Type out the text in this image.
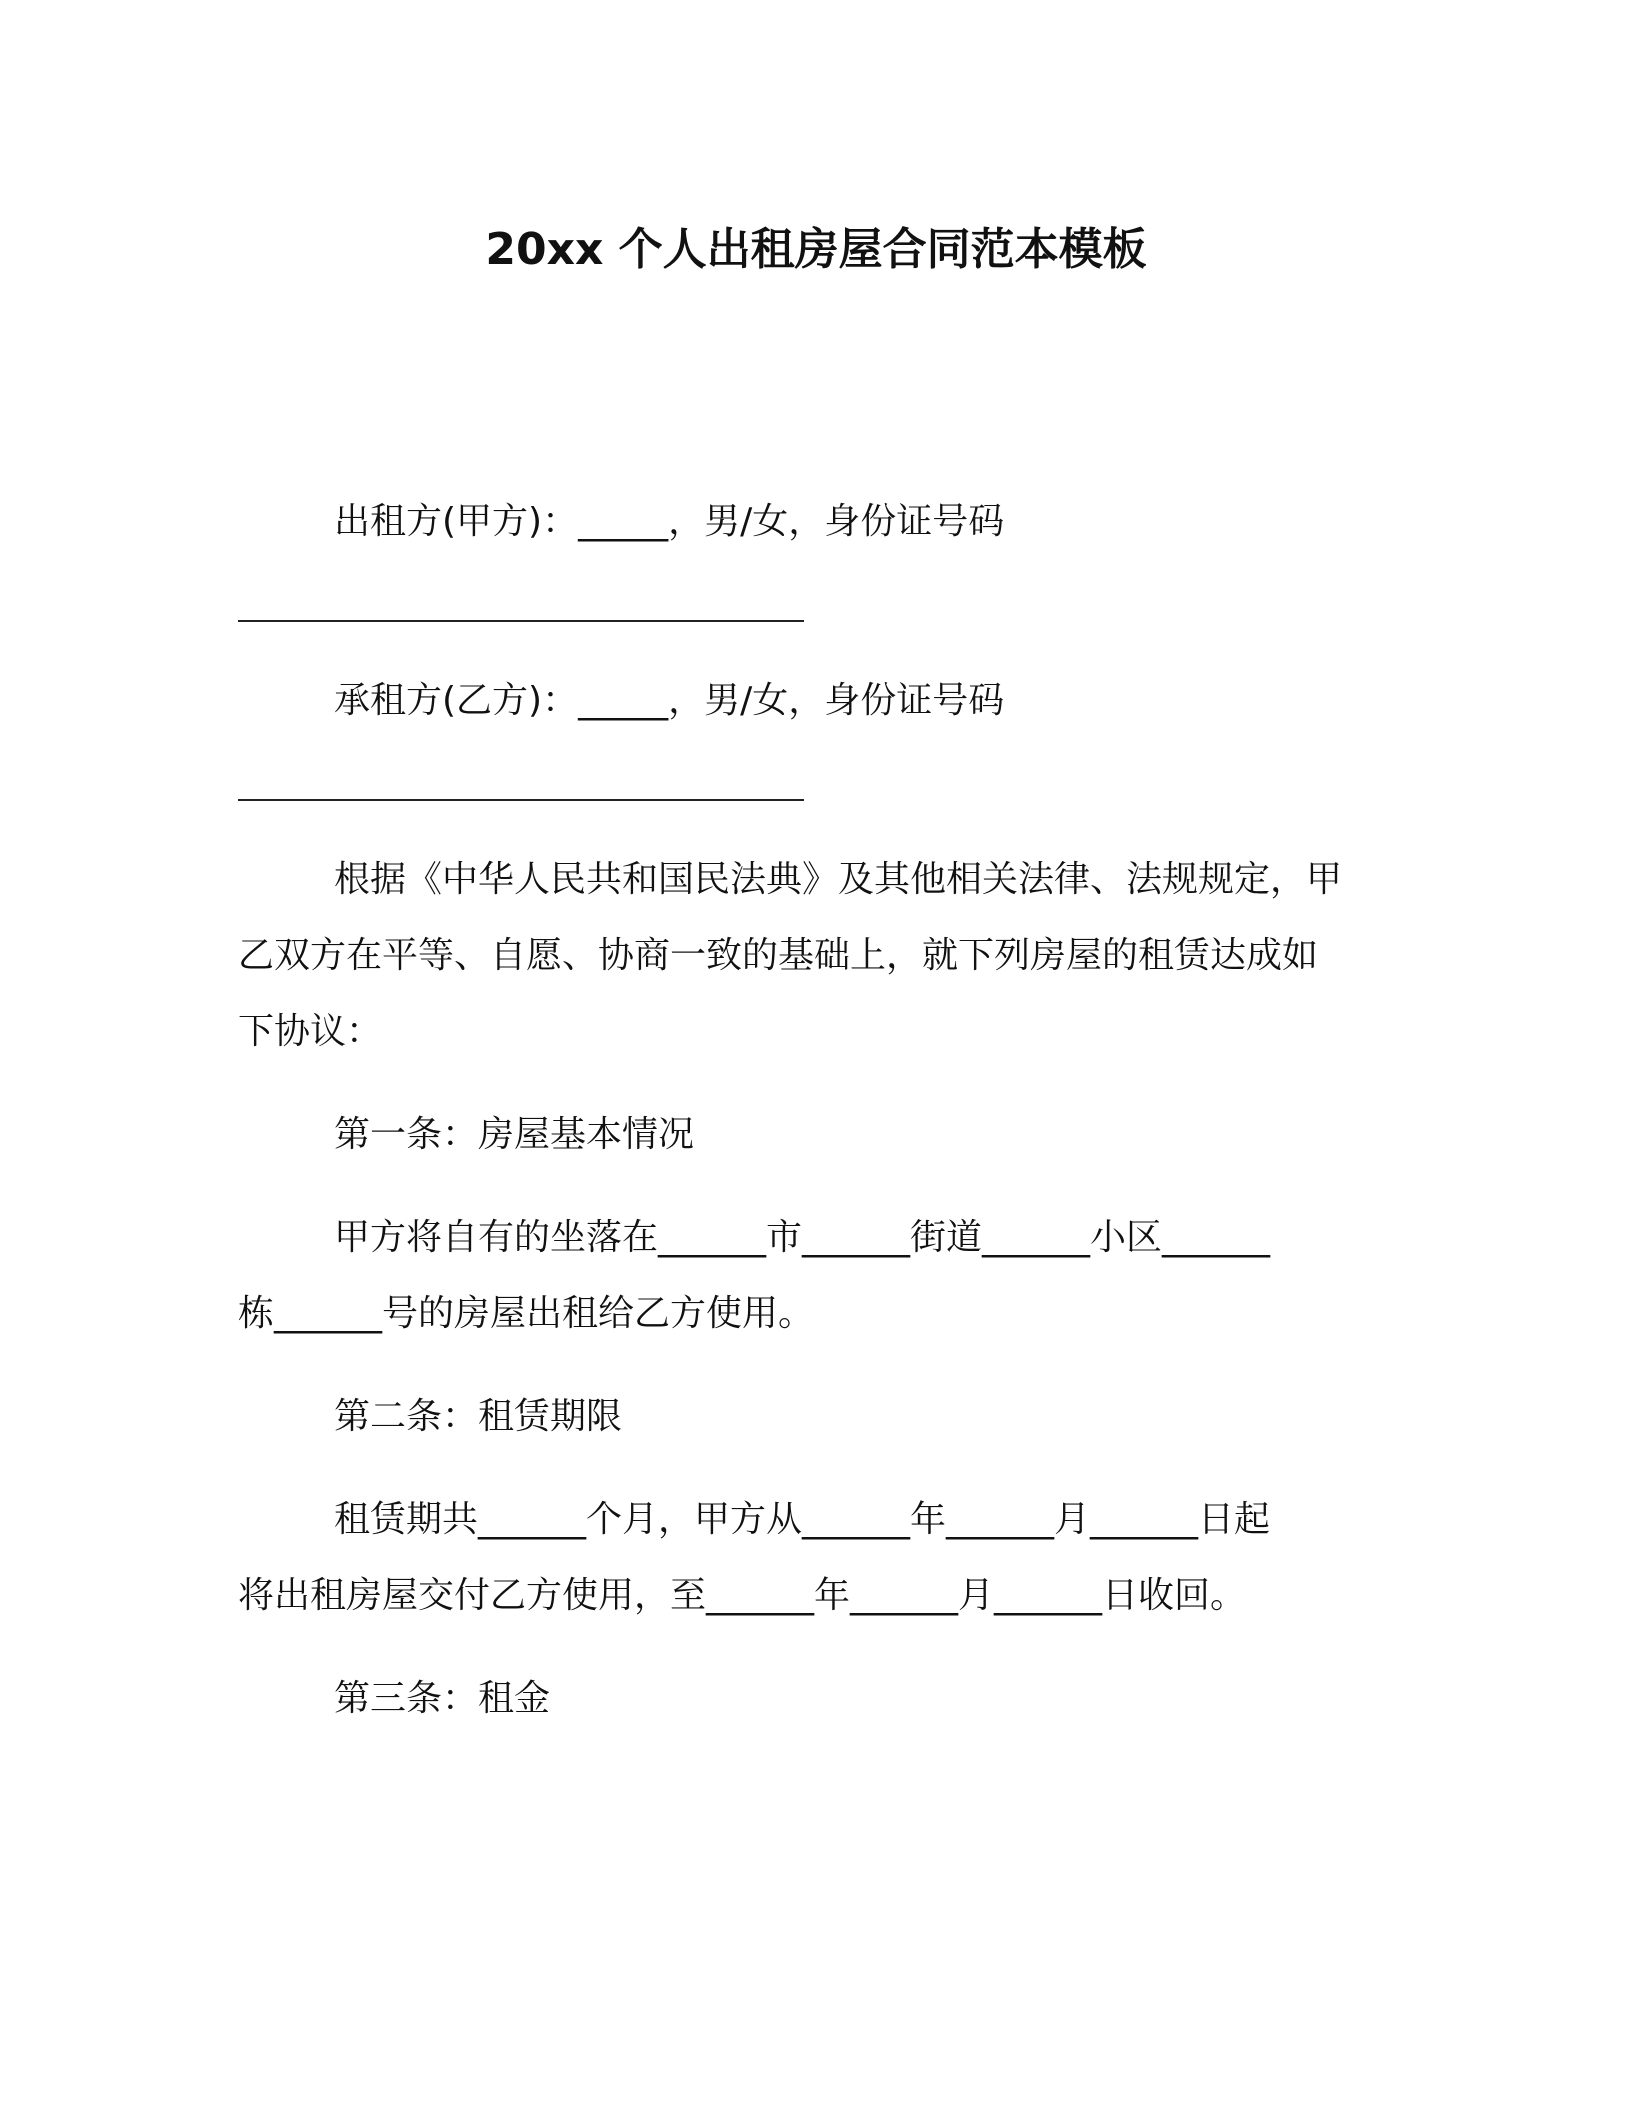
20xx 个人出租房屋合同范本模板
出租方(甲方)：_____，男/女，身份证号码
承租方(乙方)：_____，男/女，身份证号码
根据《中华人民共和国民法典》及其他相关法律、法规规定，甲
乙双方在平等、自愿、协商一致的基础上，就下列房屋的租赁达成如
下协议：
第一条：房屋基本情况
甲方将自有的坐落在______市______街道______小区______
栋______号的房屋出租给乙方使用。
第二条：租赁期限
租赁期共______个月，甲方从______年______月______日起
将出租房屋交付乙方使用，至______年______月______日收回。
第三条：租金
